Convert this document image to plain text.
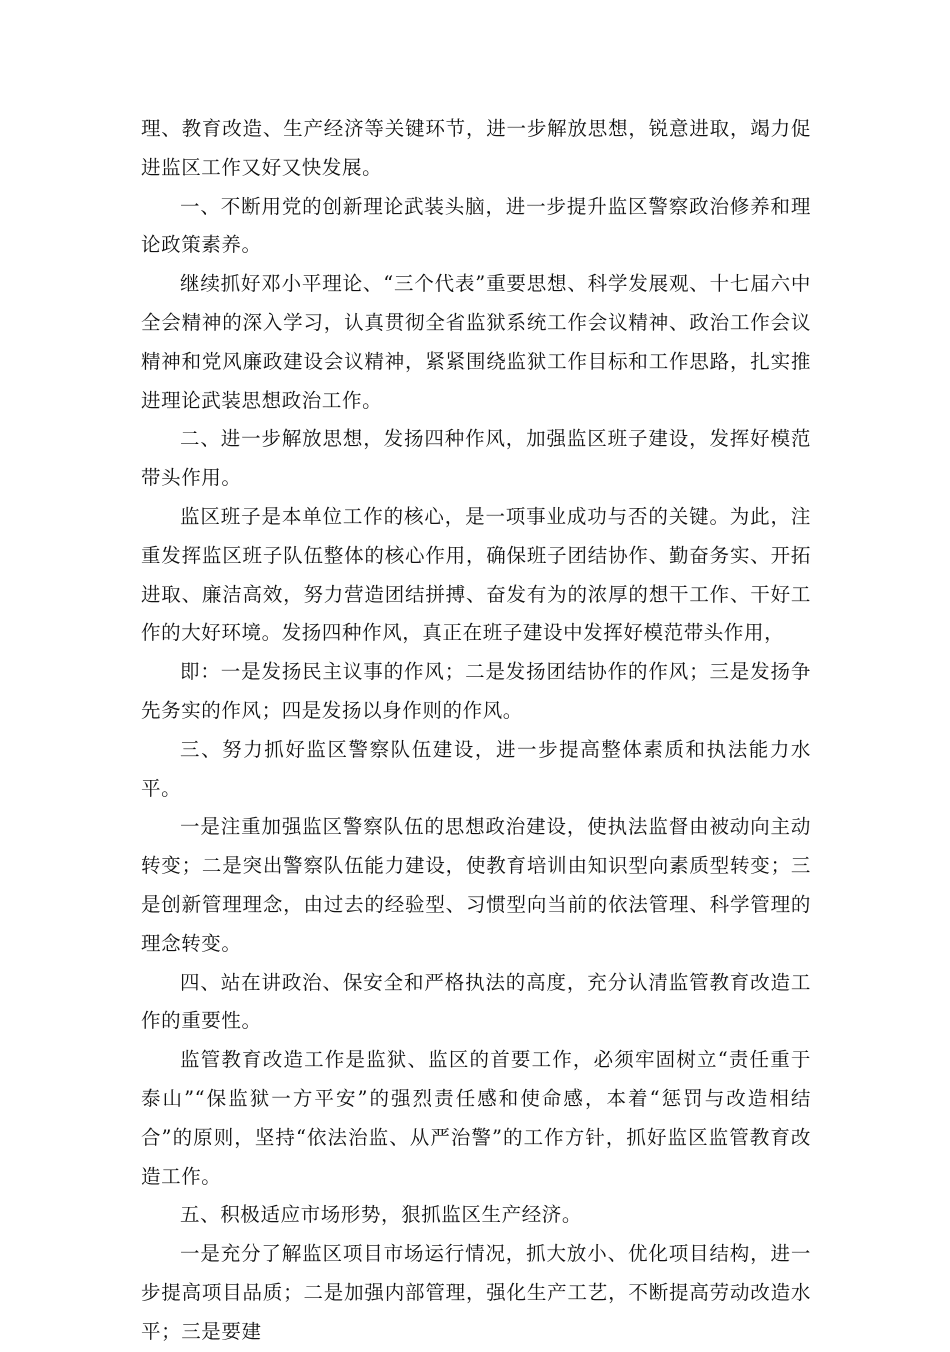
理、教育改造、生产经济等关键环节，进一步解放思想，锐意进取，竭力促进监区工作又好又快发展。

一、不断用党的创新理论武装头脑，进一步提升监区警察政治修养和理论政策素养。

继续抓好邓小平理论、“三个代表”重要思想、科学发展观、十七届六中全会精神的深入学习，认真贯彻全省监狱系统工作会议精神、政治工作会议精神和党风廉政建设会议精神，紧紧围绕监狱工作目标和工作思路，扎实推进理论武装思想政治工作。

二、进一步解放思想，发扬四种作风，加强监区班子建设，发挥好模范带头作用。

监区班子是本单位工作的核心，是一项事业成功与否的关键。为此，注重发挥监区班子队伍整体的核心作用，确保班子团结协作、勤奋务实、开拓进取、廉洁高效，努力营造团结拼搏、奋发有为的浓厚的想干工作、干好工作的大好环境。发扬四种作风，真正在班子建设中发挥好模范带头作用，

即：一是发扬民主议事的作风；二是发扬团结协作的作风；三是发扬争先务实的作风；四是发扬以身作则的作风。

三、努力抓好监区警察队伍建设，进一步提高整体素质和执法能力水平。

一是注重加强监区警察队伍的思想政治建设，使执法监督由被动向主动转变；二是突出警察队伍能力建设，使教育培训由知识型向素质型转变；三是创新管理理念，由过去的经验型、习惯型向当前的依法管理、科学管理的理念转变。

四、站在讲政治、保安全和严格执法的高度，充分认清监管教育改造工作的重要性。

监管教育改造工作是监狱、监区的首要工作，必须牢固树立“责任重于泰山”“保监狱一方平安”的强烈责任感和使命感，本着“惩罚与改造相结合”的原则，坚持“依法治监、从严治警”的工作方针，抓好监区监管教育改造工作。

五、积极适应市场形势，狠抓监区生产经济。

一是充分了解监区项目市场运行情况，抓大放小、优化项目结构，进一步提高项目品质；二是加强内部管理，强化生产工艺，不断提高劳动改造水平；三是要建
